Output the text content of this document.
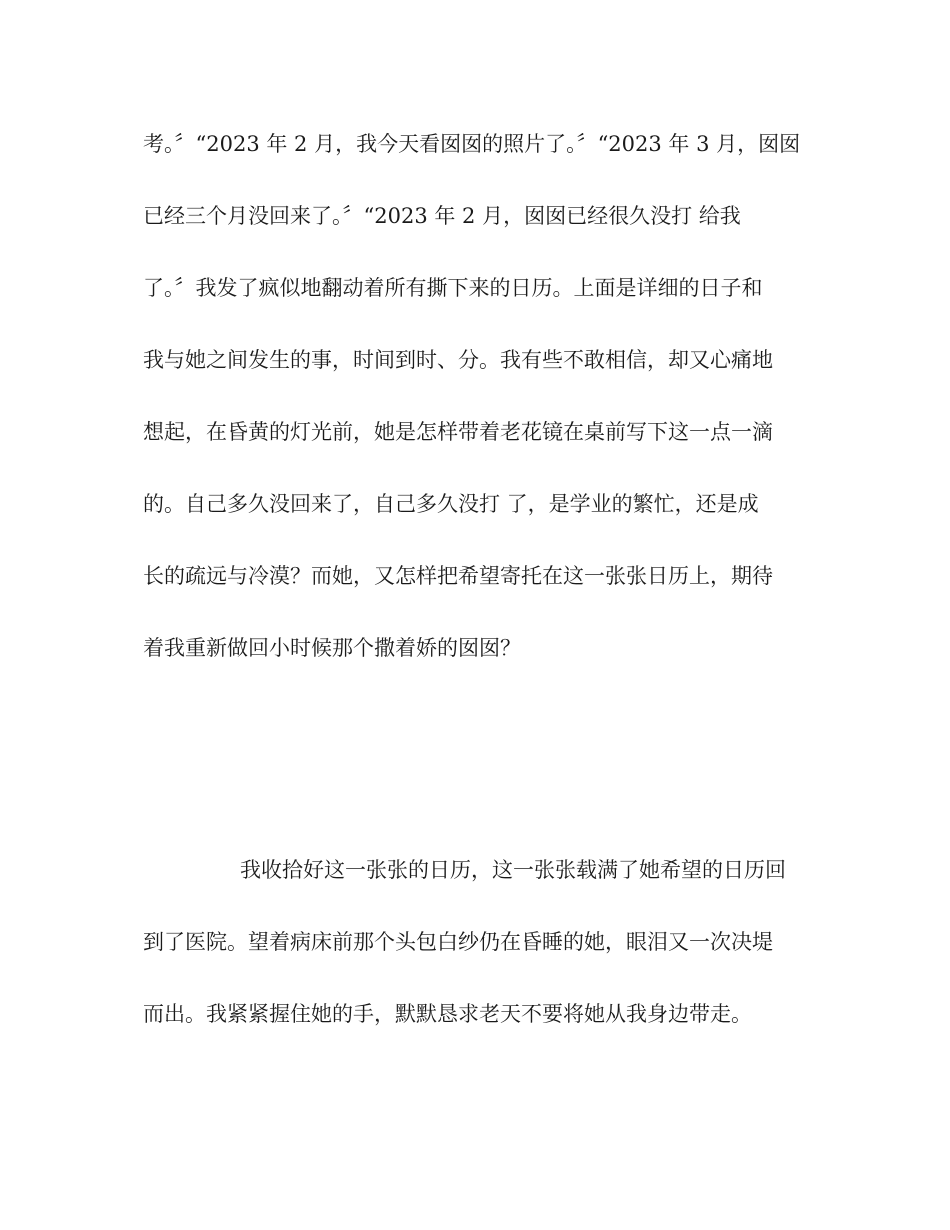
考。〞“2023 年 2 月，我今天看囡囡的照片了。〞“2023 年 3 月，囡囡
已经三个月没回来了。〞“2023 年 2 月，囡囡已经很久没打 给我
了。〞我发了疯似地翻动着所有撕下来的日历。上面是详细的日子和
我与她之间发生的事，时间到时、分。我有些不敢相信，却又心痛地
想起，在昏黄的灯光前，她是怎样带着老花镜在桌前写下这一点一滴
的。自己多久没回来了，自己多久没打 了，是学业的繁忙，还是成
长的疏远与冷漠？而她，又怎样把希望寄托在这一张张日历上，期待
着我重新做回小时候那个撒着娇的囡囡？
我收拾好这一张张的日历，这一张张载满了她希望的日历回
到了医院。望着病床前那个头包白纱仍在昏睡的她，眼泪又一次决堤
而出。我紧紧握住她的手，默默恳求老天不要将她从我身边带走。
